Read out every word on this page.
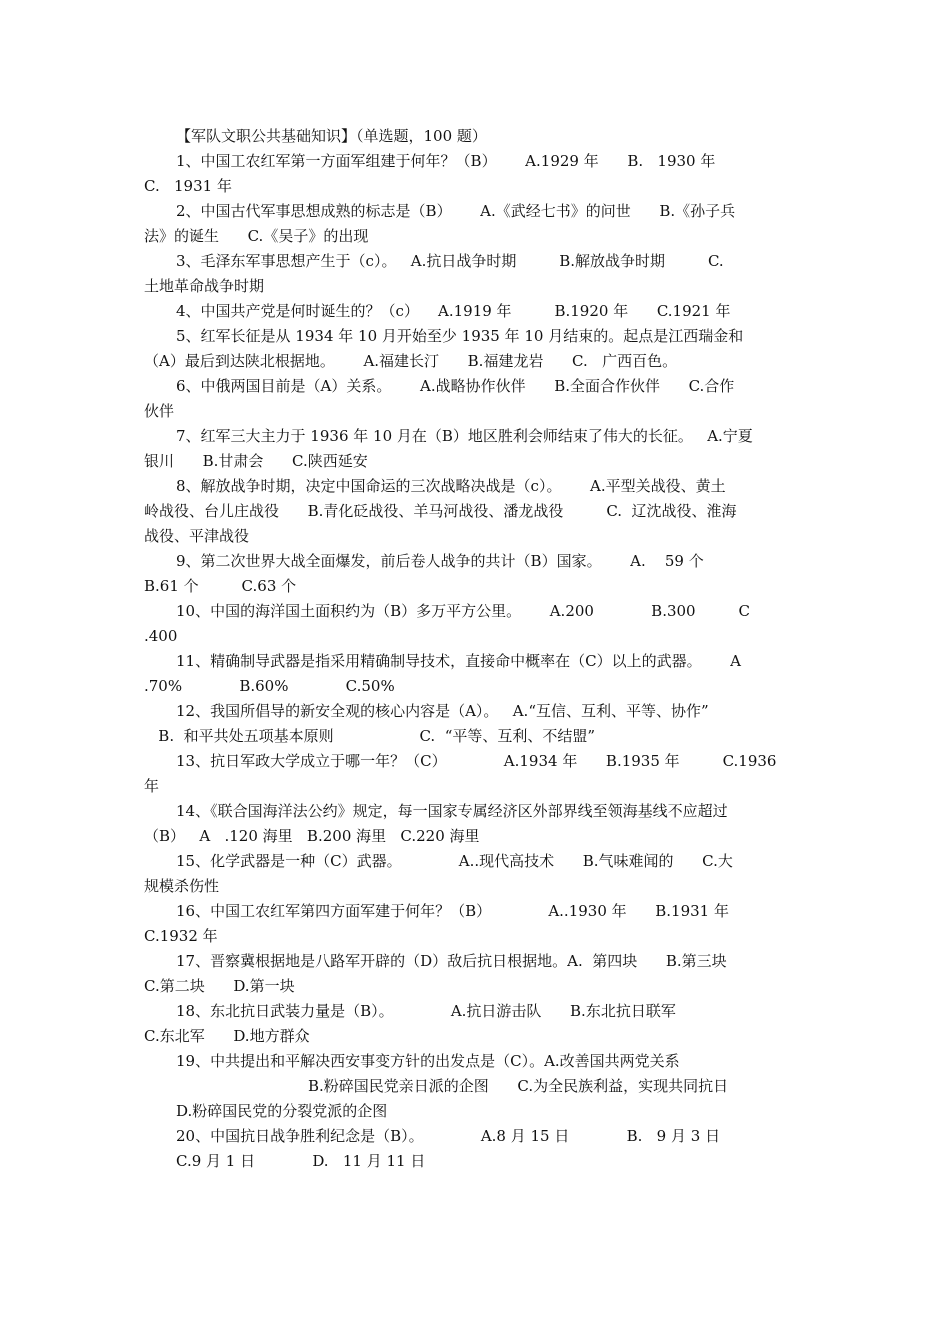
【军队文职公共基础知识】（单选题，100 题）
1、中国工农红军第一方面军组建于何年？（B）      A.1929 年      B.   1930 年
C.   1931 年
2、中国古代军事思想成熟的标志是（B）      A.《武经七书》的问世      B.《孙子兵
法》的诞生      C.《吴子》的出现
3、毛泽东军事思想产生于（c）。   A.抗日战争时期         B.解放战争时期         C.
土地革命战争时期
4、中国共产党是何时诞生的？（c）    A.1919 年         B.1920 年      C.1921 年
5、红军长征是从 1934 年 10 月开始至少 1935 年 10 月结束的。起点是江西瑞金和
（A）最后到达陕北根据地。      A.福建长汀      B.福建龙岩      C.   广西百色。
6、中俄两国目前是（A）关系。      A.战略协作伙伴      B.全面合作伙伴      C.合作
伙伴
7、红军三大主力于 1936 年 10 月在（B）地区胜利会师结束了伟大的长征。   A.宁夏
银川      B.甘肃会      C.陕西延安
8、解放战争时期，决定中国命运的三次战略决战是（c）。      A.平型关战役、黄土
岭战役、台儿庄战役      B.青化砭战役、羊马河战役、潘龙战役         C.  辽沈战役、淮海
战役、平津战役
9、第二次世界大战全面爆发，前后卷人战争的共计（B）国家。      A.    59 个
B.61 个         C.63 个
10、中国的海洋国土面积约为（B）多万平方公里。      A.200            B.300         C
.400
11、精确制导武器是指采用精确制导技术，直接命中概率在（C）以上的武器。      A
.70%            B.60%            C.50%
12、我国所倡导的新安全观的核心内容是（A）。   A.“互信、互利、平等、协作”
B.  和平共处五项基本原则                  C.  “平等、互利、不结盟”
13、抗日军政大学成立于哪一年？（C）            A.1934 年      B.1935 年         C.1936
年
14、《联合国海洋法公约》规定，每一国家专属经济区外部界线至领海基线不应超过
（B）   A   .120 海里   B.200 海里   C.220 海里
15、化学武器是一种（C）武器。            A..现代高技术      B.气味难闻的      C.大
规模杀伤性
16、中国工农红军第四方面军建于何年？（B）            A..1930 年      B.1931 年
C.1932 年
17、晋察冀根据地是八路军开辟的（D）敌后抗日根据地。A.  第四块      B.第三块
C.第二块      D.第一块
18、东北抗日武装力量是（B）。            A.抗日游击队      B.东北抗日联军
C.东北军      D.地方群众
19、中共提出和平解决西安事变方针的出发点是（C）。A.改善国共两党关系
B.粉碎国民党亲日派的企图      C.为全民族利益，实现共同抗日
D.粉碎国民党的分裂党派的企图
20、中国抗日战争胜利纪念是（B）。            A.8 月 15 日            B.   9 月 3 日
C.9 月 1 日            D.   11 月 11 日
